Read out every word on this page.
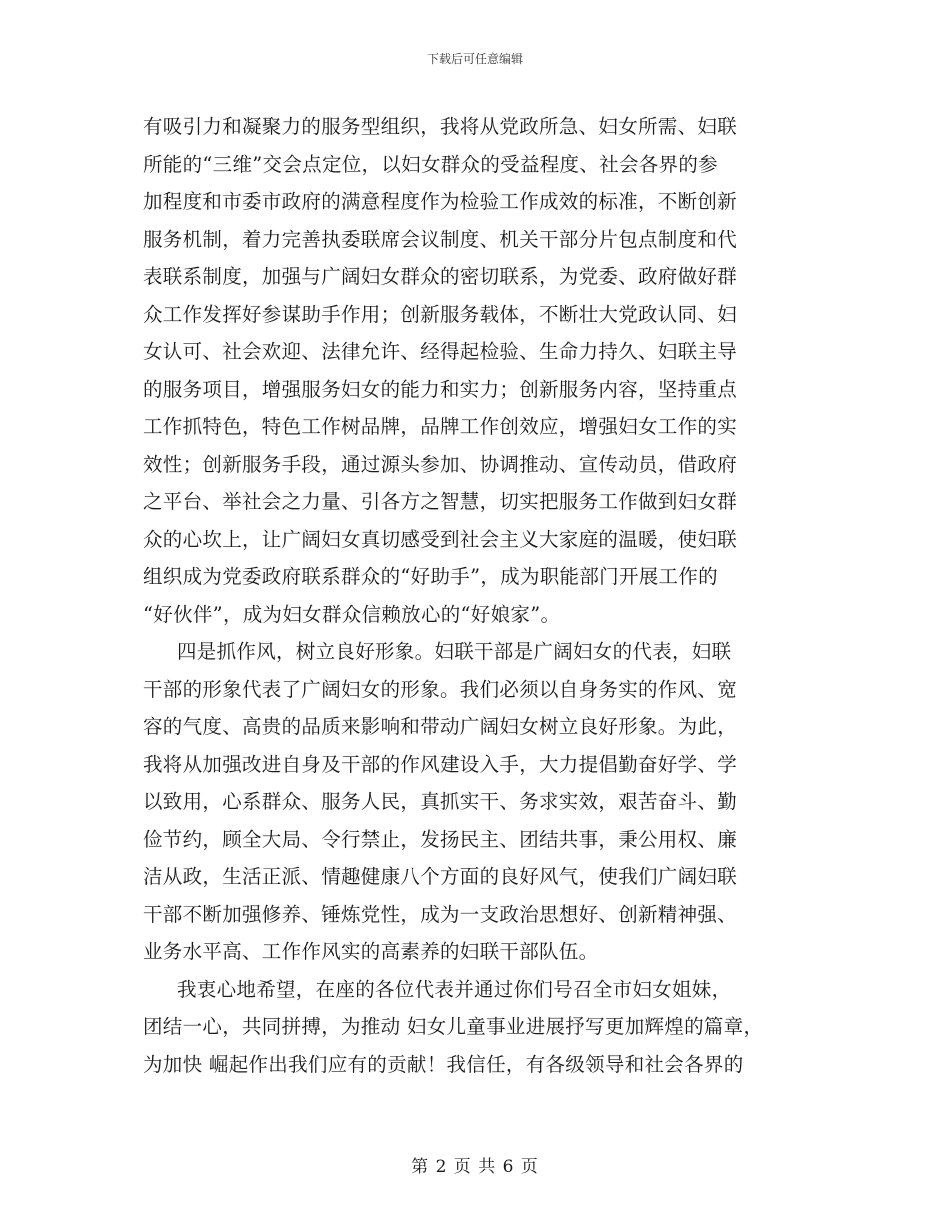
下载后可任意编辑
有吸引力和凝聚力的服务型组织，我将从党政所急、妇女所需、妇联
所能的“三维”交会点定位，以妇女群众的受益程度、社会各界的参
加程度和市委市政府的满意程度作为检验工作成效的标准，不断创新
服务机制，着力完善执委联席会议制度、机关干部分片包点制度和代
表联系制度，加强与广阔妇女群众的密切联系，为党委、政府做好群
众工作发挥好参谋助手作用；创新服务载体，不断壮大党政认同、妇
女认可、社会欢迎、法律允许、经得起检验、生命力持久、妇联主导
的服务项目，增强服务妇女的能力和实力；创新服务内容，坚持重点
工作抓特色，特色工作树品牌，品牌工作创效应，增强妇女工作的实
效性；创新服务手段，通过源头参加、协调推动、宣传动员，借政府
之平台、举社会之力量、引各方之智慧，切实把服务工作做到妇女群
众的心坎上，让广阔妇女真切感受到社会主义大家庭的温暖，使妇联
组织成为党委政府联系群众的“好助手”，成为职能部门开展工作的
“好伙伴”，成为妇女群众信赖放心的“好娘家”。
四是抓作风，树立良好形象。妇联干部是广阔妇女的代表，妇联
干部的形象代表了广阔妇女的形象。我们必须以自身务实的作风、宽
容的气度、高贵的品质来影响和带动广阔妇女树立良好形象。为此，
我将从加强改进自身及干部的作风建设入手，大力提倡勤奋好学、学
以致用，心系群众、服务人民，真抓实干、务求实效，艰苦奋斗、勤
俭节约，顾全大局、令行禁止，发扬民主、团结共事，秉公用权、廉
洁从政，生活正派、情趣健康八个方面的良好风气，使我们广阔妇联
干部不断加强修养、锤炼党性，成为一支政治思想好、创新精神强、
业务水平高、工作作风实的高素养的妇联干部队伍。
我衷心地希望，在座的各位代表并通过你们号召全市妇女姐妹，
团结一心，共同拼搏，为推动 妇女儿童事业进展抒写更加辉煌的篇章，
为加快 崛起作出我们应有的贡献！我信任，有各级领导和社会各界的
第 2 页 共 6 页
